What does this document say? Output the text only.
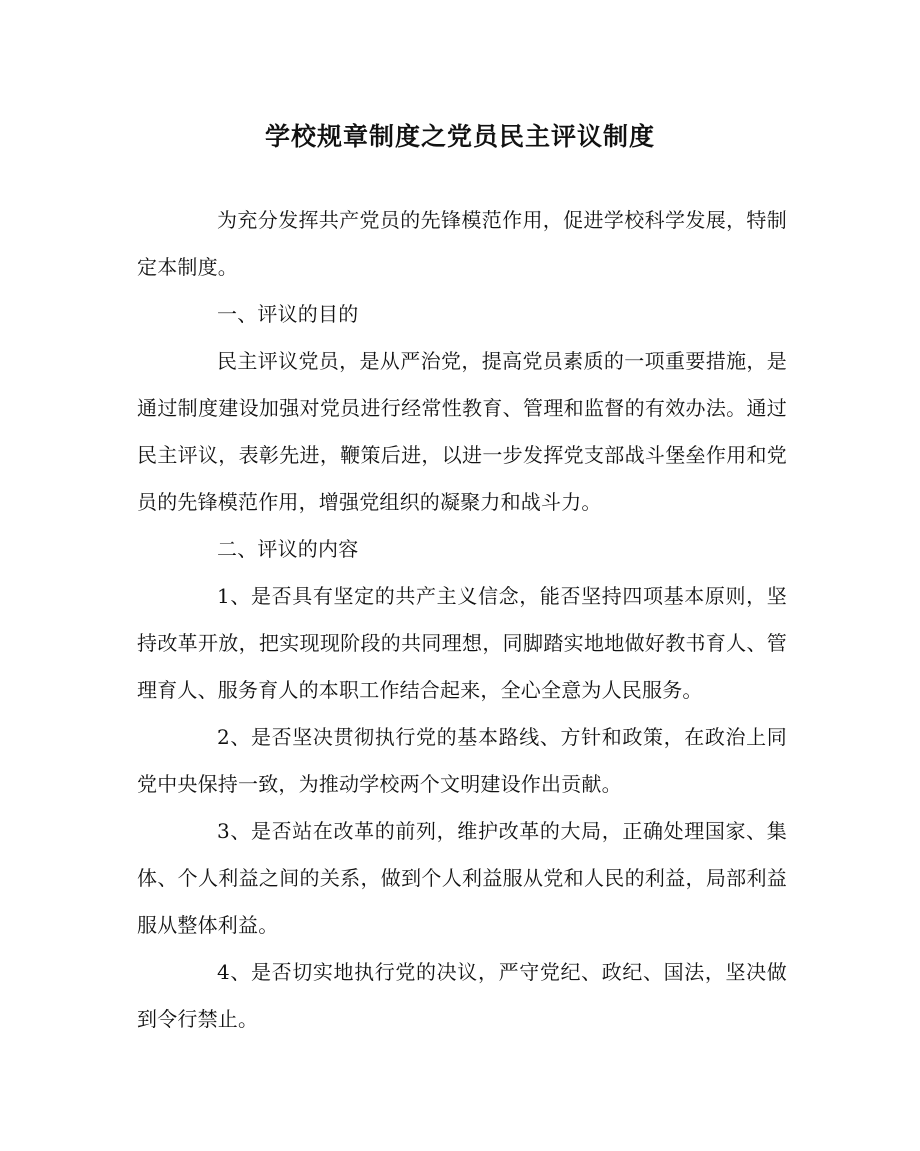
学校规章制度之党员民主评议制度

为充分发挥共产党员的先锋模范作用，促进学校科学发展，特制定本制度。

一、评议的目的

民主评议党员，是从严治党，提高党员素质的一项重要措施，是通过制度建设加强对党员进行经常性教育、管理和监督的有效办法。通过民主评议，表彰先进，鞭策后进，以进一步发挥党支部战斗堡垒作用和党员的先锋模范作用，增强党组织的凝聚力和战斗力。

二、评议的内容

1、是否具有坚定的共产主义信念，能否坚持四项基本原则，坚持改革开放，把实现现阶段的共同理想，同脚踏实地地做好教书育人、管理育人、服务育人的本职工作结合起来，全心全意为人民服务。

2、是否坚决贯彻执行党的基本路线、方针和政策，在政治上同党中央保持一致，为推动学校两个文明建设作出贡献。

3、是否站在改革的前列，维护改革的大局，正确处理国家、集体、个人利益之间的关系，做到个人利益服从党和人民的利益，局部利益服从整体利益。

4、是否切实地执行党的决议，严守党纪、政纪、国法，坚决做到令行禁止。
